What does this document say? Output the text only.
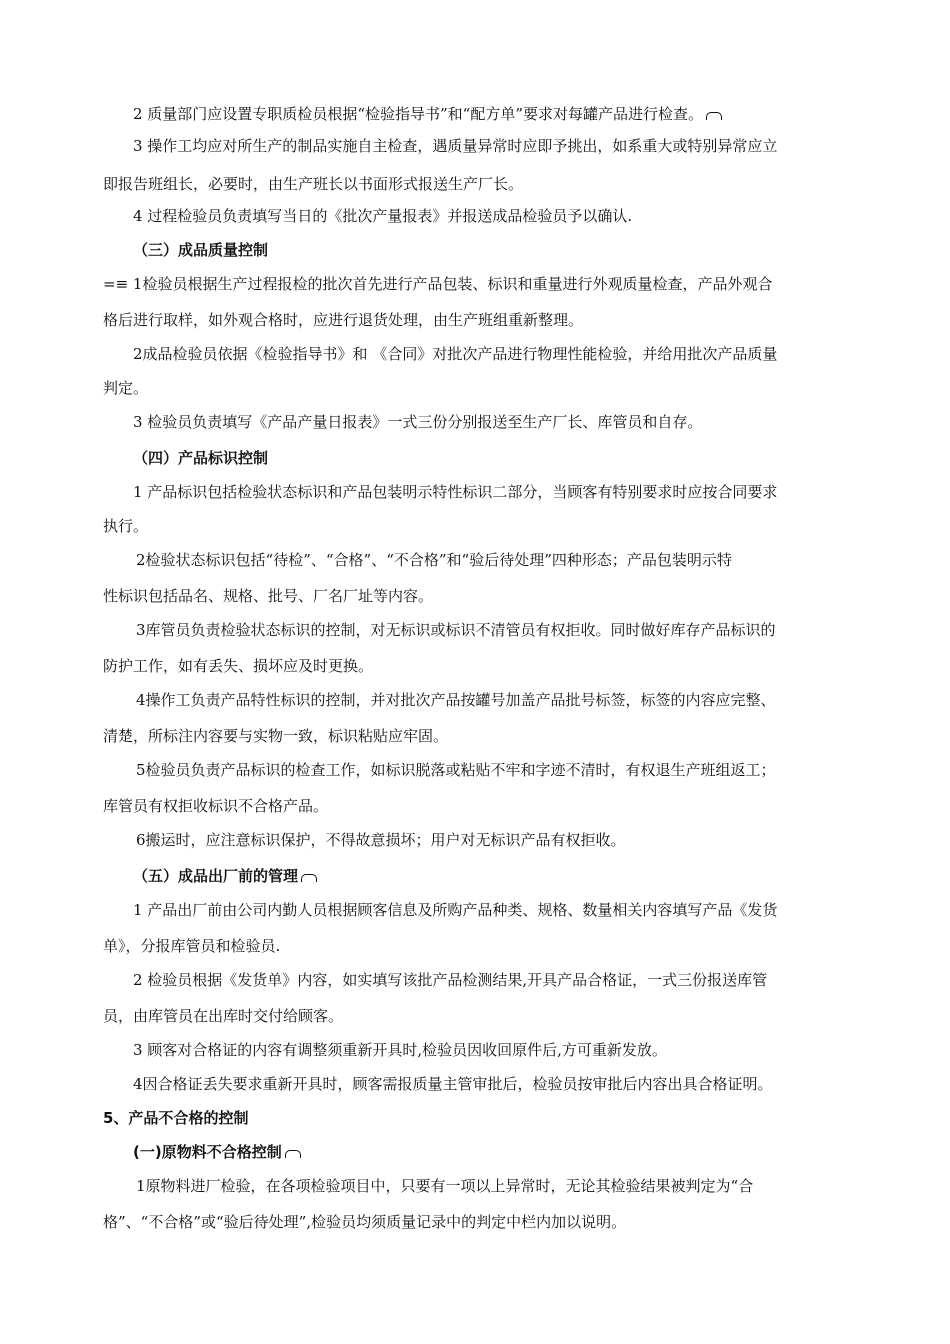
2 质量部门应设置专职质检员根据“检验指导书”和“配方单”要求对每罐产品进行检查。
3 操作工均应对所生产的制品实施自主检查，遇质量异常时应即予挑出，如系重大或特别异常应立
即报告班组长，必要时，由生产班长以书面形式报送生产厂长。
4 过程检验员负责填写当日的《批次产量报表》并报送成品检验员予以确认.
（三）成品质量控制
=≡ 1检验员根据生产过程报检的批次首先进行产品包装、标识和重量进行外观质量检查，产品外观合
格后进行取样，如外观合格时，应进行退货处理，由生产班组重新整理。
2成品检验员依据《检验指导书》和 《合同》对批次产品进行物理性能检验，并给用批次产品质量
判定。
3 检验员负责填写《产品产量日报表》一式三份分别报送至生产厂长、库管员和自存。
（四）产品标识控制
1 产品标识包括检验状态标识和产品包装明示特性标识二部分，当顾客有特别要求时应按合同要求
执行。
2检验状态标识包括“待检”、“合格”、“不合格”和“验后待处理”四种形态；产品包装明示特
性标识包括品名、规格、批号、厂名厂址等内容。
3库管员负责检验状态标识的控制，对无标识或标识不清管员有权拒收。同时做好库存产品标识的
防护工作，如有丢失、损坏应及时更换。
4操作工负责产品特性标识的控制，并对批次产品按罐号加盖产品批号标签，标签的内容应完整、
清楚，所标注内容要与实物一致，标识粘贴应牢固。
5检验员负责产品标识的检查工作，如标识脱落或粘贴不牢和字迹不清时，有权退生产班组返工；
库管员有权拒收标识不合格产品。
6搬运时，应注意标识保护，不得故意损坏；用户对无标识产品有权拒收。
（五）成品出厂前的管理
1 产品出厂前由公司内勤人员根据顾客信息及所购产品种类、规格、数量相关内容填写产品《发货
单》，分报库管员和检验员.
2 检验员根据《发货单》内容，如实填写该批产品检测结果,开具产品合格证，一式三份报送库管
员，由库管员在出库时交付给顾客。
3 顾客对合格证的内容有调整须重新开具时,检验员因收回原件后,方可重新发放。
4因合格证丢失要求重新开具时，顾客需报质量主管审批后，检验员按审批后内容出具合格证明。
5、产品不合格的控制
(一)原物料不合格控制
1原物料进厂检验，在各项检验项目中，只要有一项以上异常时，无论其检验结果被判定为“合
格”、“不合格”或“验后待处理”,检验员均须质量记录中的判定中栏内加以说明。
